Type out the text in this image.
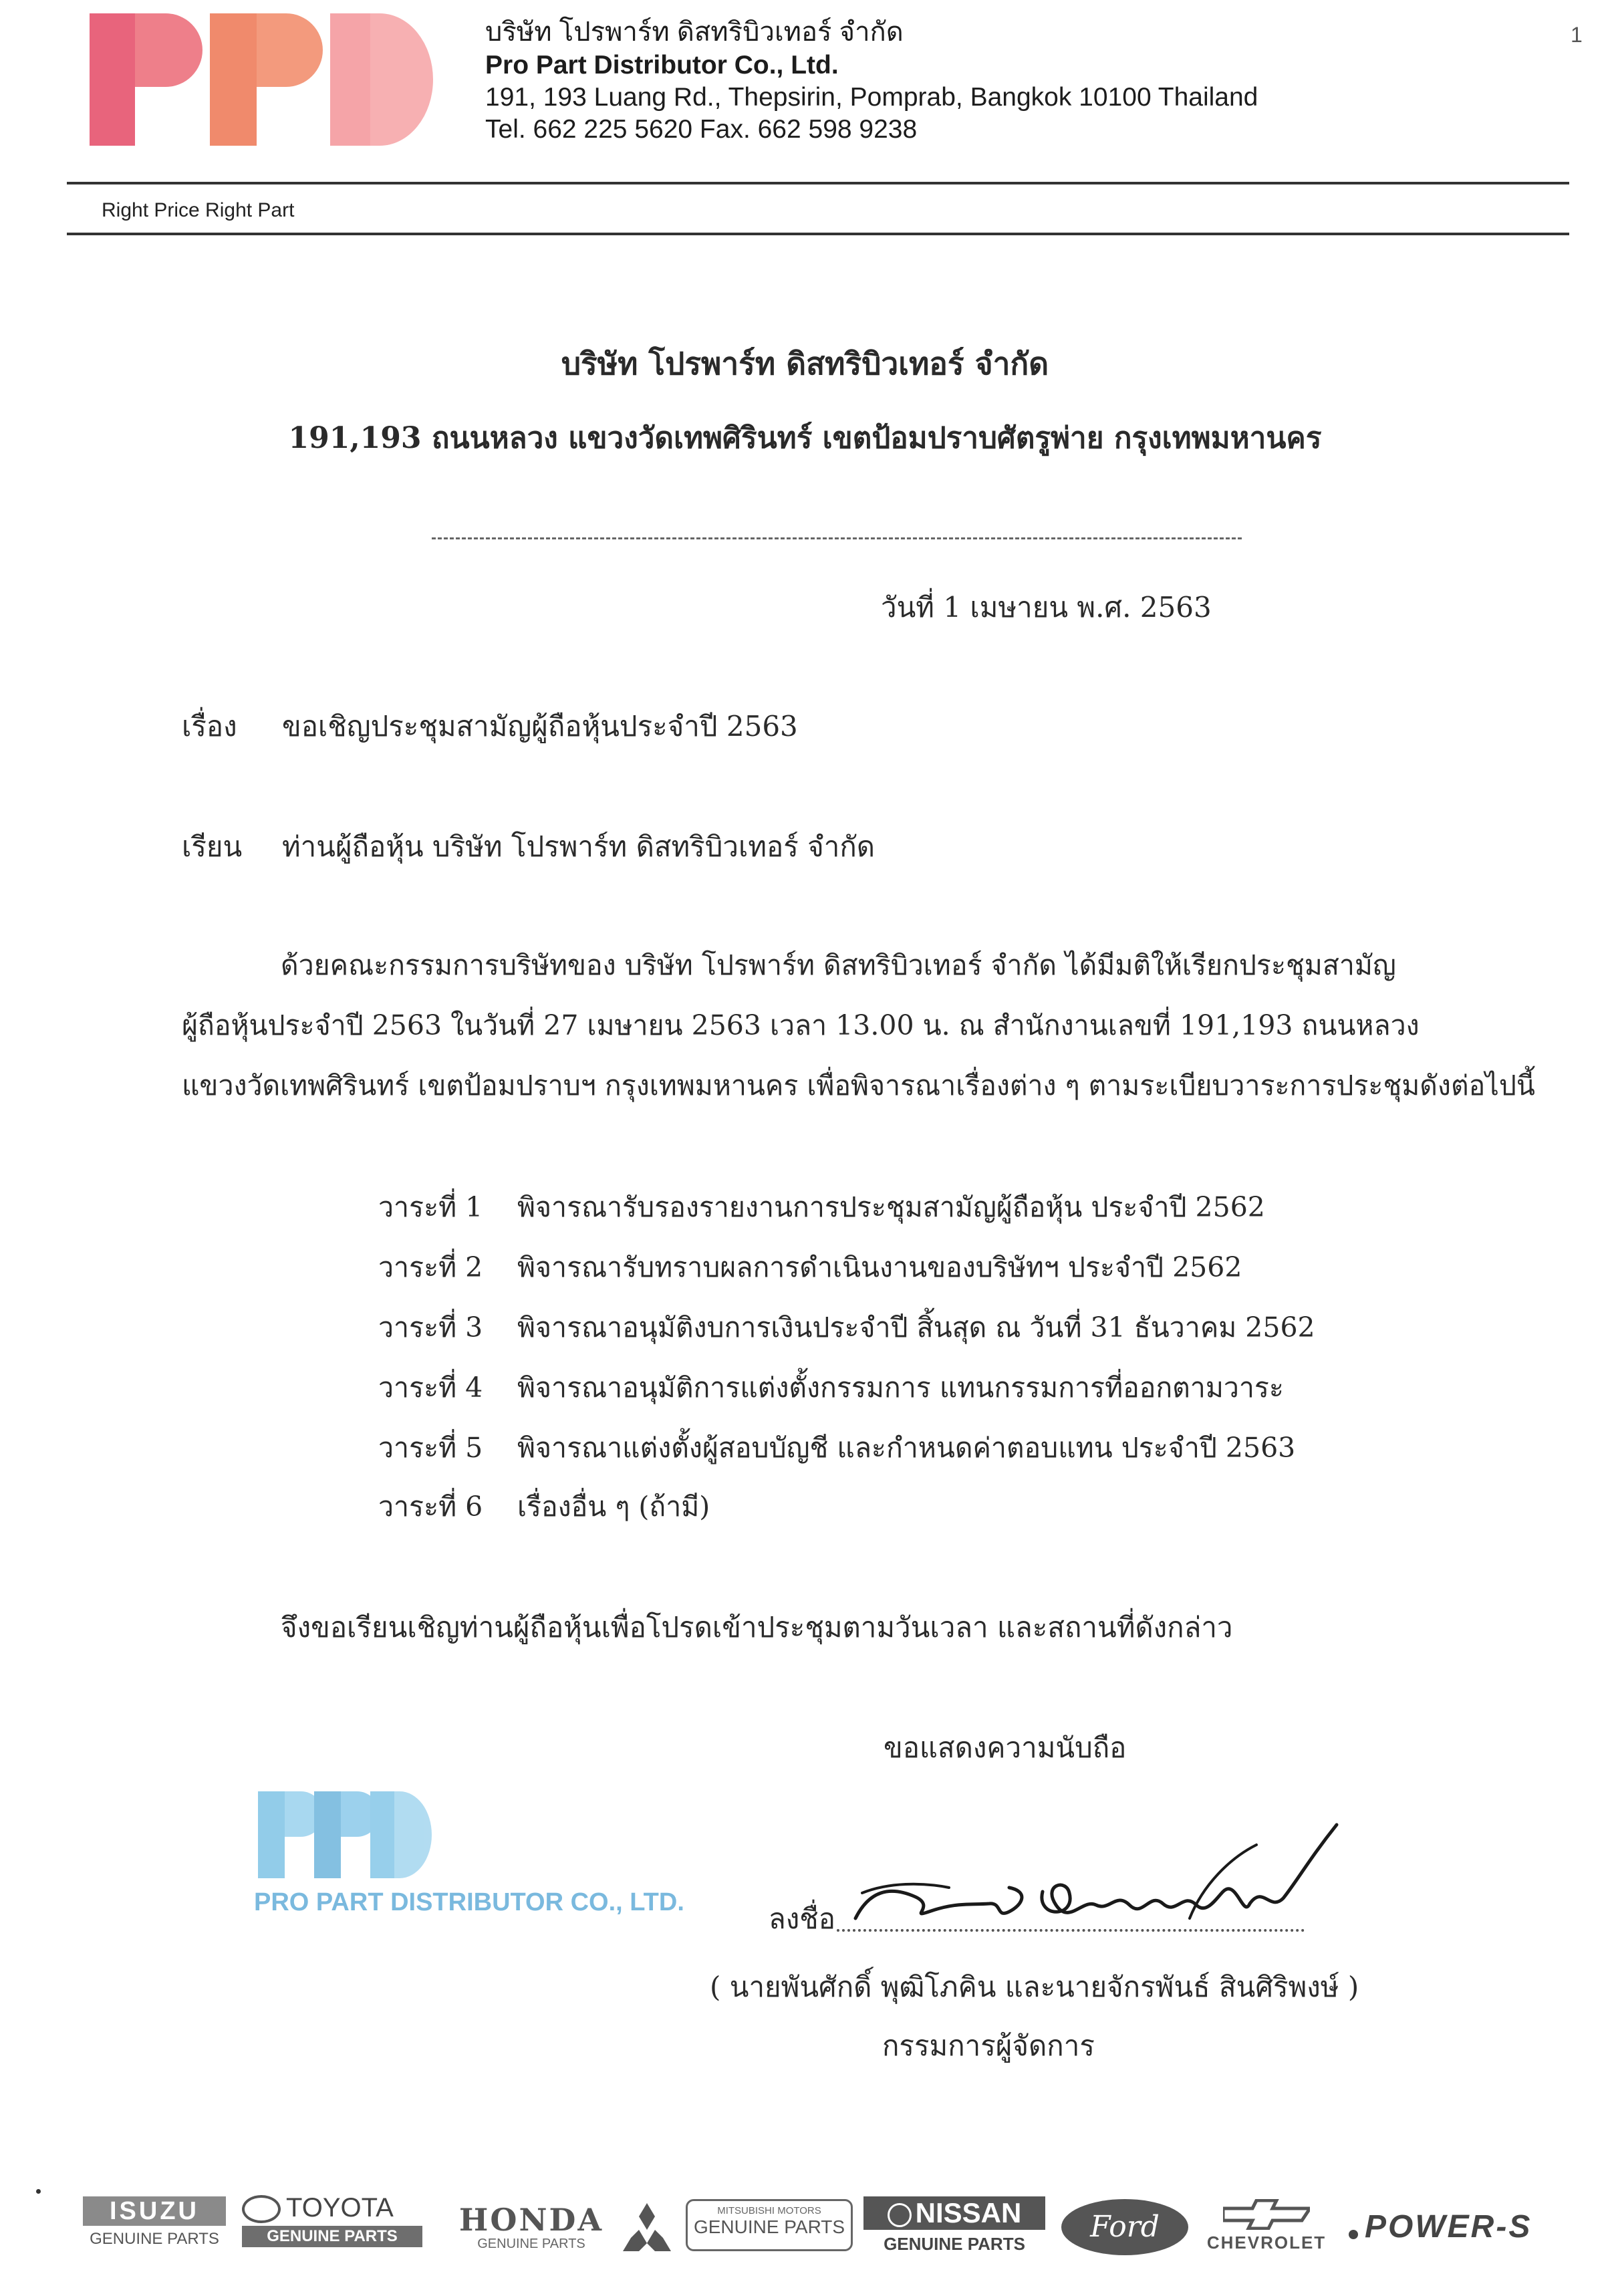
บริษัท โปรพาร์ท ดิสทริบิวเทอร์ จำกัด
Pro Part Distributor Co., Ltd.
191, 193 Luang Rd., Thepsirin, Pomprab, Bangkok 10100 Thailand
Tel. 662 225 5620 Fax. 662 598 9238
1
Right Price Right Part
บริษัท โปรพาร์ท ดิสทริบิวเทอร์ จำกัด
191,193 ถนนหลวง แขวงวัดเทพศิรินทร์ เขตป้อมปราบศัตรูพ่าย กรุงเทพมหานคร
วันที่ 1 เมษายน พ.ศ. 2563
เรื่อง ขอเชิญประชุมสามัญผู้ถือหุ้นประจำปี 2563
เรียน ท่านผู้ถือหุ้น บริษัท โปรพาร์ท ดิสทริบิวเทอร์ จำกัด
ด้วยคณะกรรมการบริษัทของ บริษัท โปรพาร์ท ดิสทริบิวเทอร์ จำกัด ได้มีมติให้เรียกประชุมสามัญ
ผู้ถือหุ้นประจำปี 2563 ในวันที่ 27 เมษายน 2563 เวลา 13.00 น. ณ สำนักงานเลขที่ 191,193 ถนนหลวง
แขวงวัดเทพศิรินทร์ เขตป้อมปราบฯ กรุงเทพมหานคร เพื่อพิจารณาเรื่องต่าง ๆ ตามระเบียบวาระการประชุมดังต่อไปนี้
วาระที่ 1 พิจารณารับรองรายงานการประชุมสามัญผู้ถือหุ้น ประจำปี 2562
วาระที่ 2 พิจารณารับทราบผลการดำเนินงานของบริษัทฯ ประจำปี 2562
วาระที่ 3 พิจารณาอนุมัติงบการเงินประจำปี สิ้นสุด ณ วันที่ 31 ธันวาคม 2562
วาระที่ 4 พิจารณาอนุมัติการแต่งตั้งกรรมการ แทนกรรมการที่ออกตามวาระ
วาระที่ 5 พิจารณาแต่งตั้งผู้สอบบัญชี และกำหนดค่าตอบแทน ประจำปี 2563
วาระที่ 6 เรื่องอื่น ๆ (ถ้ามี)
จึงขอเรียนเชิญท่านผู้ถือหุ้นเพื่อโปรดเข้าประชุมตามวันเวลา และสถานที่ดังกล่าว
ขอแสดงความนับถือ
PRO PART DISTRIBUTOR CO., LTD.	ลงชื่อ
( นายพันศักดิ์ พุฒิโภคิน และนายจักรพันธ์ สินศิริพงษ์ )
กรรมการผู้จัดการ
ISUZU
GENUINE PARTS
TOYOTA
GENUINE PARTS	HONDA
GENUINE PARTS
MITSUBISHI MOTORS
GENUINE PARTS	NISSAN
GENUINE PARTS	Ford	CHEVROLET	POWER-S
